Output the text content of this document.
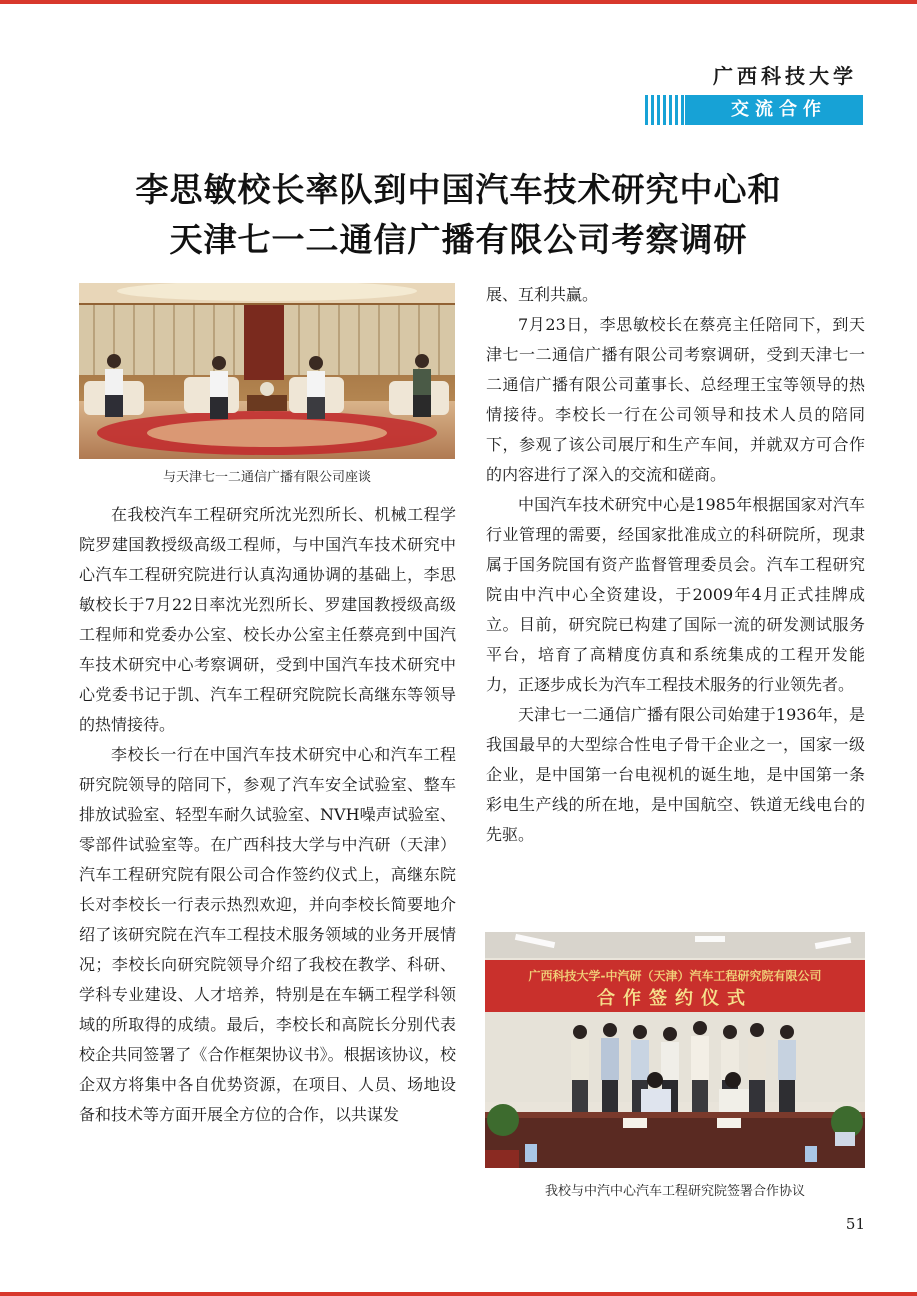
广西科技大学
交流合作
李思敏校长率队到中国汽车技术研究中心和
天津七一二通信广播有限公司考察调研
与天津七一二通信广播有限公司座谈

在我校汽车工程研究所沈光烈所长、机械工程学院罗建国教授级高级工程师，与中国汽车技术研究中心汽车工程研究院进行认真沟通协调的基础上，李思敏校长于7月22日率沈光烈所长、罗建国教授级高级工程师和党委办公室、校长办公室主任蔡亮到中国汽车技术研究中心考察调研，受到中国汽车技术研究中心党委书记于凯、汽车工程研究院院长高继东等领导的热情接待。

李校长一行在中国汽车技术研究中心和汽车工程研究院领导的陪同下，参观了汽车安全试验室、整车排放试验室、轻型车耐久试验室、NVH噪声试验室、零部件试验室等。在广西科技大学与中汽研（天津）汽车工程研究院有限公司合作签约仪式上，高继东院长对李校长一行表示热烈欢迎，并向李校长简要地介绍了该研究院在汽车工程技术服务领域的业务开展情况；李校长向研究院领导介绍了我校在教学、科研、学科专业建设、人才培养，特别是在车辆工程学科领域的所取得的成绩。最后，李校长和高院长分别代表校企共同签署了《合作框架协议书》。根据该协议，校企双方将集中各自优势资源，在项目、人员、场地设备和技术等方面开展全方位的合作，以共谋发

展、互利共赢。

7月23日，李思敏校长在蔡亮主任陪同下，到天津七一二通信广播有限公司考察调研，受到天津七一二通信广播有限公司董事长、总经理王宝等领导的热情接待。李校长一行在公司领导和技术人员的陪同下，参观了该公司展厅和生产车间，并就双方可合作的内容进行了深入的交流和磋商。

中国汽车技术研究中心是1985年根据国家对汽车行业管理的需要，经国家批准成立的科研院所，现隶属于国务院国有资产监督管理委员会。汽车工程研究院由中汽中心全资建设，于2009年4月正式挂牌成立。目前，研究院已构建了国际一流的研发测试服务平台，培育了高精度仿真和系统集成的工程开发能力，正逐步成长为汽车工程技术服务的行业领先者。

天津七一二通信广播有限公司始建于1936年，是我国最早的大型综合性电子骨干企业之一，国家一级企业，是中国第一台电视机的诞生地，是中国第一条彩电生产线的所在地，是中国航空、铁道无线电台的先驱。

广西科技大学-中汽研（天津）汽车工程研究院有限公司
合作签约仪式
我校与中汽中心汽车工程研究院签署合作协议
51
